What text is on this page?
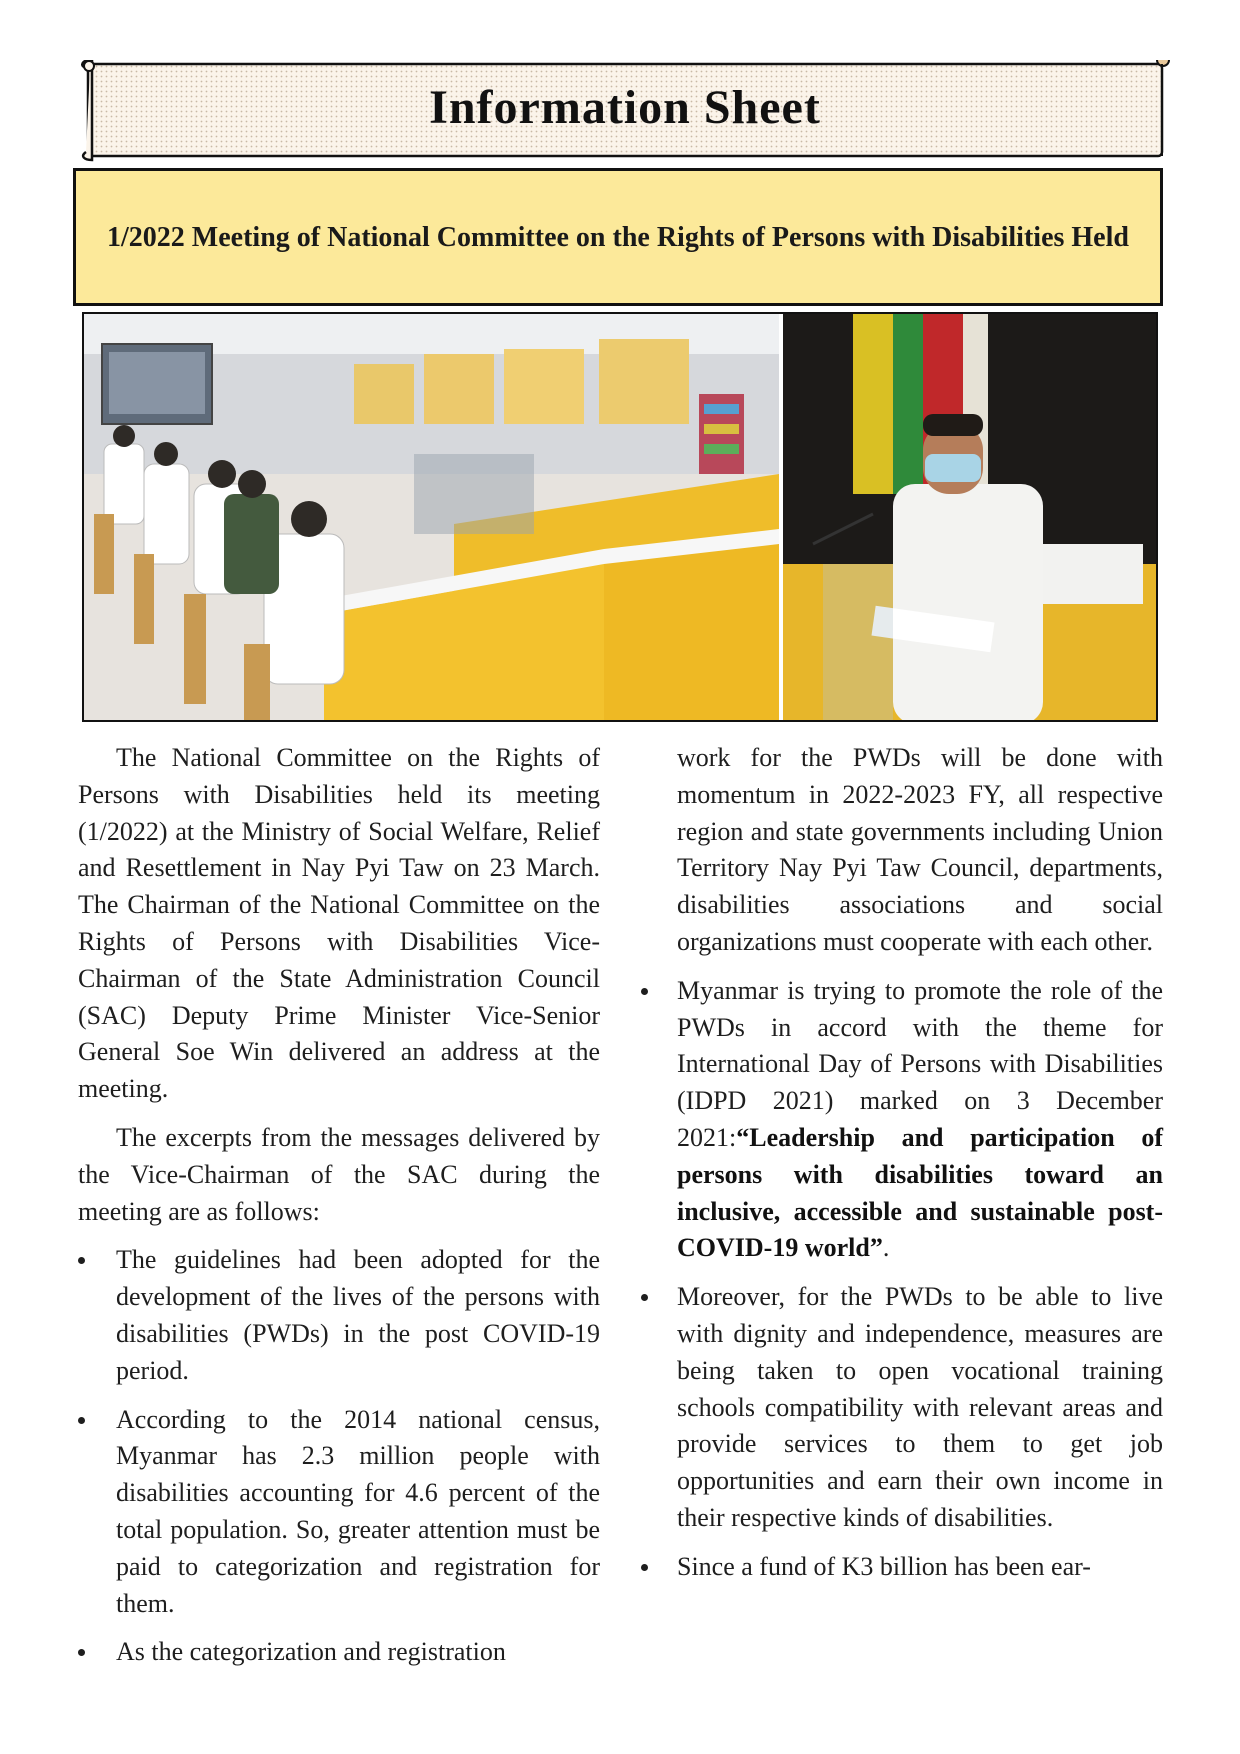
Information Sheet
1/2022 Meeting of National Committee on the Rights of Persons with Disabilities Held

The National Committee on the Rights of Persons with Disabilities held its meeting (1/2022) at the Ministry of Social Welfare, Relief and Resettlement in Nay Pyi Taw on 23 March. The Chairman of the National Committee on the Rights of Persons with Disabilities Vice-Chairman of the State Administration Council (SAC) Deputy Prime Minister Vice-Senior General Soe Win delivered an address at the meeting.

The excerpts from the messages delivered by the Vice-Chairman of the SAC during the meeting are as follows:

The guidelines had been adopted for the development of the lives of the persons with disabilities (PWDs) in the post COVID-19 period.
According to the 2014 national census, Myanmar has 2.3 million people with disabilities accounting for 4.6 percent of the total population. So, greater attention must be paid to categorization and registration for them.
As the categorization and registration

work for the PWDs will be done with momentum in 2022-2023 FY, all respective region and state governments including Union Territory Nay Pyi Taw Council, departments, disabilities associations and social organizations must cooperate with each other.

Myanmar is trying to promote the role of the PWDs in accord with the theme for International Day of Persons with Disabilities (IDPD 2021) marked on 3 December 2021:“Leadership and participation of persons with disabilities toward an inclusive, accessible and sustainable post-COVID-19 world”.
Moreover, for the PWDs to be able to live with dignity and independence, measures are being taken to open vocational training schools compatibility with relevant areas and provide services to them to get job opportunities and earn their own income in their respective kinds of disabilities.
Since a fund of K3 billion has been ear-
